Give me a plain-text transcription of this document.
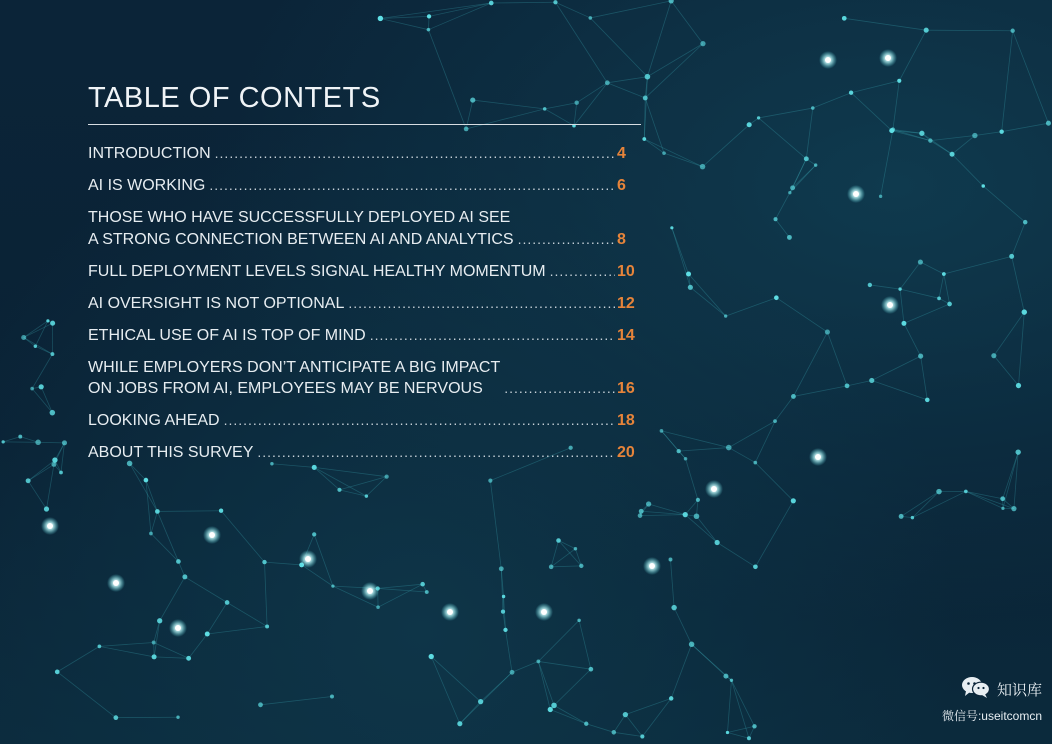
TABLE OF CONTETS
INTRODUCTION .....	4
AI IS WORKING .....	6
THOSE WHO HAVE SUCCESSFULLY DEPLOYED AI SEE
A STRONG CONNECTION BETWEEN AI AND ANALYTICS .....	8
FULL DEPLOYMENT LEVELS SIGNAL HEALTHY MOMENTUM .....	10
AI OVERSIGHT IS NOT OPTIONAL .....	12
ETHICAL USE OF AI IS TOP OF MIND .....	14
WHILE EMPLOYERS DON’T ANTICIPATE A BIG IMPACT
ON JOBS FROM AI, EMPLOYEES MAY BE NERVOUS .....	16
LOOKING AHEAD .....	18
ABOUT THIS SURVEY .....	20
知识库
微信号:useitcomcn
